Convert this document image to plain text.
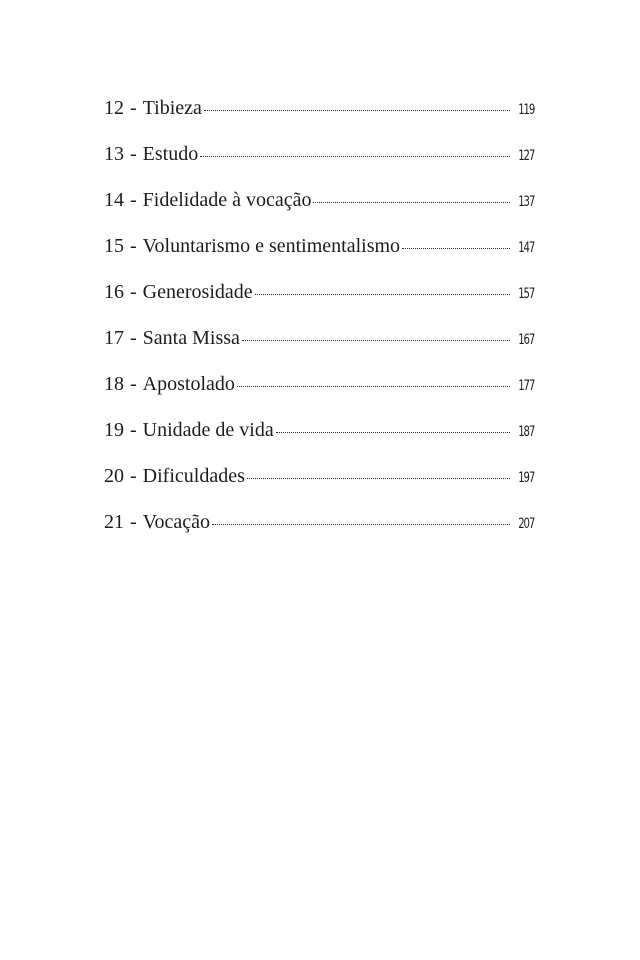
12 - Tibieza	119
13 - Estudo	127
14 - Fidelidade à vocação	137
15 - Voluntarismo e sentimentalismo	147
16 - Generosidade	157
17 - Santa Missa	167
18 - Apostolado	177
19 - Unidade de vida	187
20 - Dificuldades	197
21 - Vocação	207
